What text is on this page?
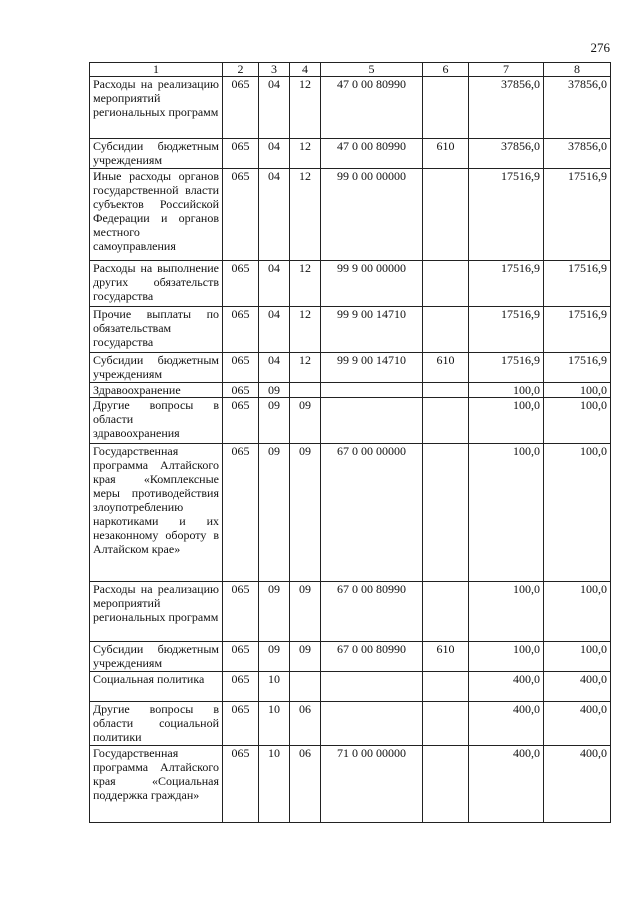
276
1	2	3	4	5	6	7	8
Расходы на реализацию мероприятий региональных программ	065	04	12	47 0 00 80990		37856,0	37856,0
Субсидии бюджетным учреждениям	065	04	12	47 0 00 80990	610	37856,0	37856,0
Иные расходы органов государственной власти субъектов Российской Федерации и органов местного самоуправления	065	04	12	99 0 00 00000		17516,9	17516,9
Расходы на выполнение других обязательств государства	065	04	12	99 9 00 00000		17516,9	17516,9
Прочие выплаты по обязательствам государства	065	04	12	99 9 00 14710		17516,9	17516,9
Субсидии бюджетным учреждениям	065	04	12	99 9 00 14710	610	17516,9	17516,9
Здравоохранение	065	09				100,0	100,0
Другие вопросы в области здравоохранения	065	09	09			100,0	100,0
Государственная программа Алтайского края «Комплексные меры противодействия злоупотреблению наркотиками и их незаконному обороту в Алтайском крае»	065	09	09	67 0 00 00000		100,0	100,0
Расходы на реализацию мероприятий региональных программ	065	09	09	67 0 00 80990		100,0	100,0
Субсидии бюджетным учреждениям	065	09	09	67 0 00 80990	610	100,0	100,0
Социальная политика	065	10				400,0	400,0
Другие вопросы в области социальной политики	065	10	06			400,0	400,0
Государственная программа Алтайского края «Социальная поддержка граждан»	065	10	06	71 0 00 00000		400,0	400,0
